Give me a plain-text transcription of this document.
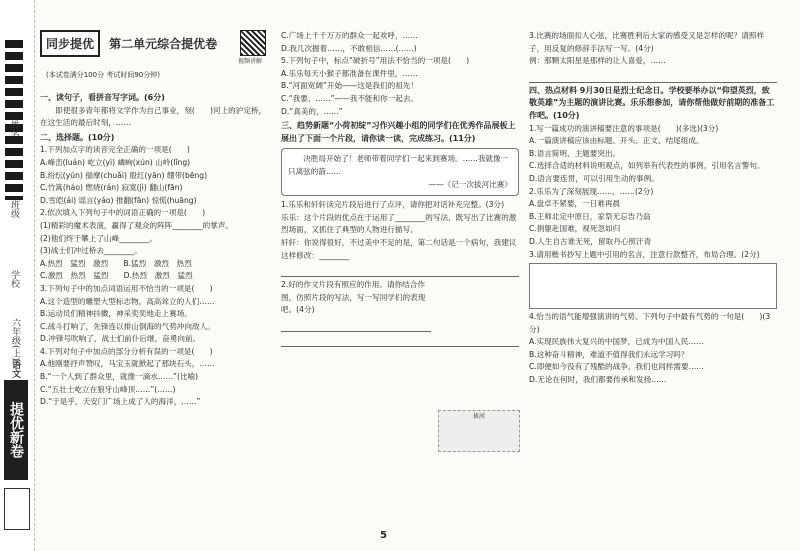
姓名
班级
学校
六年级(上)
语文
提优新卷
同步提优 第二单元综合提优卷
视频讲解
(本试卷满分100分 考试时间90分钟)

一、读句子，看拼音写字词。(6分)

　　即使很多青年都将文学作为自己事业，刻(　　)河上的沪定桥，在这生活的最后时刻，……

二、选择题。(10分)

1.下列加点字的读音完全正确的一项是(　　)

A.峰峦(luán) 屹立(yì) 嶙峋(xún) 山岭(lǐng)

B.纷纭(yún) 揣摩(chuǎi) 殷红(yān) 绷带(bēng)

C.竹篙(háo) 燃烧(rán) 寂寞(jì) 翻山(fān)

D.雪皑(ái) 谣言(yáo) 推翻(fān) 惊慌(huāng)

2.依次填入下列句子中的词语正确的一项是(　　)

(1)精彩的魔术表演，赢得了观众的阵阵________的掌声。

(2)他们终于攀上了山峰________。

(3)战士们冲过桥去________。

A.热烈　猛烈　激烈　　B.猛烈　激烈　热烈

C.激烈　热烈　猛烈　　D.热烈　激烈　猛烈

3.下列句子中的加点词语运用不恰当的一项是(　　)

A.这个造型的雕塑大型标志物，高高耸立的人们……

B.运动员们精神抖擞，神采奕奕地走上赛场。

C.战斗打响了，先锋连以排山倒海的气势冲向敌人。

D.冲锋号吹响了，战士们前仆后继，奋勇向前。

4.下列对句子中加点的部分分析有误的一项是(　　)

A.他刚要抒声赞叹，马宝玉就掀起了那块石头，……

B.“一个人到了群众里，就像一滴水……”(比喻)

C.“五壮士屹立在狼牙山峰顶……”(……)

D.“于是乎，天安门广场上成了人的海洋，……”

C.广场上千千万万的群众一起欢呼，……

D.我几次握着……，不敢相信……(……)

5.下列句子中，标点“破折号”用法不恰当的一项是(　　)

A.乐乐每天小猴子都准备在课件里，……

B.“河面宽阔”开始——这是我们的祖先！

C.“我要，……”——我不能和你一起去。

D.“真美的，……”

三、趋势新题“小荷初绽”习作兴趣小组的同学们在优秀作品展板上展出了下面一个片段，请你读一读，完成练习。(11分)

　　决胜局开始了！老师带着同学们一起来到赛场。……我就像一只离弦的箭……

——《记一次拔河比赛》

1.乐乐和轩轩读完片段后进行了点评，请你把对话补充完整。(3分)

乐乐：这个片段的优点在于运用了________的写法，既写出了比赛的激烈场面，又抓住了典型的人物进行描写。

轩轩：你说得很好，不过美中不足的是，第二句话是一个病句，我建议这样修改：________

2.好的作文片段有照应的作用。请你结合作图，仿照片段的写法，写一写同学们的表现吧。(4分)

拔河

3.比赛的场面扣人心弦，比赛胜利后大家的感受又是怎样的呢？请照样子，用反复的修辞手法写一写。(4分)

例：那颗太阳星是那样的让人喜爱，……

四、热点材料 9月30日是烈士纪念日。学校要举办以“仰望英烈，致敬英雄”为主题的演讲比赛。乐乐想参加，请你帮他做好前期的准备工作吧。(10分)

1.写一篇成功的演讲稿要注意的事项是(　　)(多选)(3分)

A.一篇演讲稿应该由标题、开头、正文、结尾组成。

B.语言简明、主题要突出。

C.选择合适的材料说明观点，如列举有代表性的事例，引用名言警句。

D.语言要连贯，可以引用生动的事例。

2.乐乐为了深刻展现……，……(2分)

A.盘卓不紧要，一日难再晨

B.王师北定中原日，家祭无忘告乃翁

C.捐躯赴国难，视死忽如归

D.人生自古谁无死，留取丹心照汗青

3.请用楷书抄写上题中引用的名言，注意行款整齐，布局合理。(2分)

4.恰当的语气能增强演讲的气势。下列句子中最有气势的一句是(　　)(3分)

A.实现民族伟大复兴的中国梦，已成为中国人民……

B.这种奋斗精神，难道不值得我们永远学习吗？

C.即便如今没有了残酷的战争，我们也同样需要……

D.无论在何时，我们都要传承和发扬……

5
